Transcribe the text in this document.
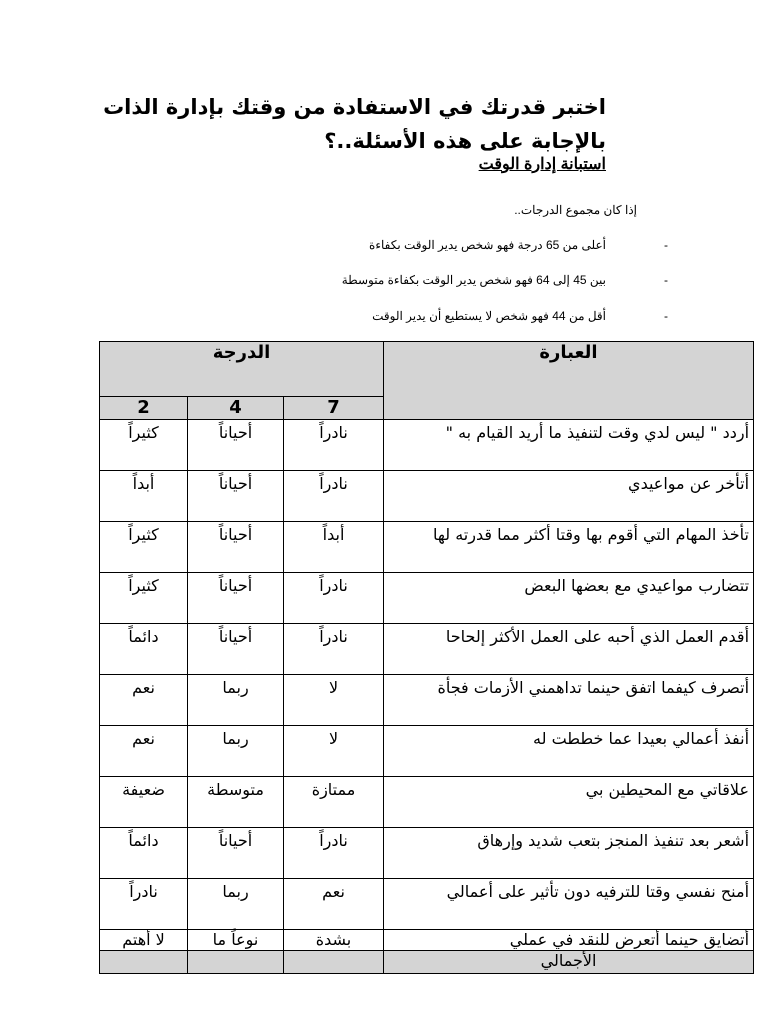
اختبر قدرتك في الاستفادة من وقتك بإدارة الذات
بالإجابة على هذه الأسئلة..؟
استبانة إدارة الوقت
إذا كان مجموع الدرجات..
-
أعلى من 65 درجة فهو شخص يدير الوقت بكفاءة
-
بين 45 إلى 64 فهو شخص يدير الوقت بكفاءة متوسطة
-
أقل من 44 فهو شخص لا يستطيع أن يدير الوقت
العبارة	الدرجة		
	7	4	2
أردد " ليس لدي وقت لتنفيذ ما أريد القيام به "	نادراً	أحياناً	كثيراً
أتأخر عن مواعيدي	نادراً	أحياناً	أبداً
تأخذ المهام التي أقوم بها وقتا أكثر مما قدرته لها	أبداً	أحياناً	كثيراً
تتضارب مواعيدي مع بعضها البعض	نادراً	أحياناً	كثيراً
أقدم العمل الذي أحبه على العمل الأكثر إلحاحا	نادراً	أحياناً	دائماً
أتصرف كيفما اتفق حينما تداهمني الأزمات فجأة	لا	ربما	نعم
أنفذ أعمالي بعيدا عما خططت له	لا	ربما	نعم
علاقاتي مع المحيطين بي	ممتازة	متوسطة	ضعيفة
أشعر بعد تنفيذ المنجز بتعب شديد وإرهاق	نادراً	أحياناً	دائماً
أمنح نفسي وقتا للترفيه دون تأثير على أعمالي	نعم	ربما	نادراً
أتضايق حينما أتعرض للنقد في عملي	بشدة	نوعاً ما	لا أهتم
الأجمالي			
